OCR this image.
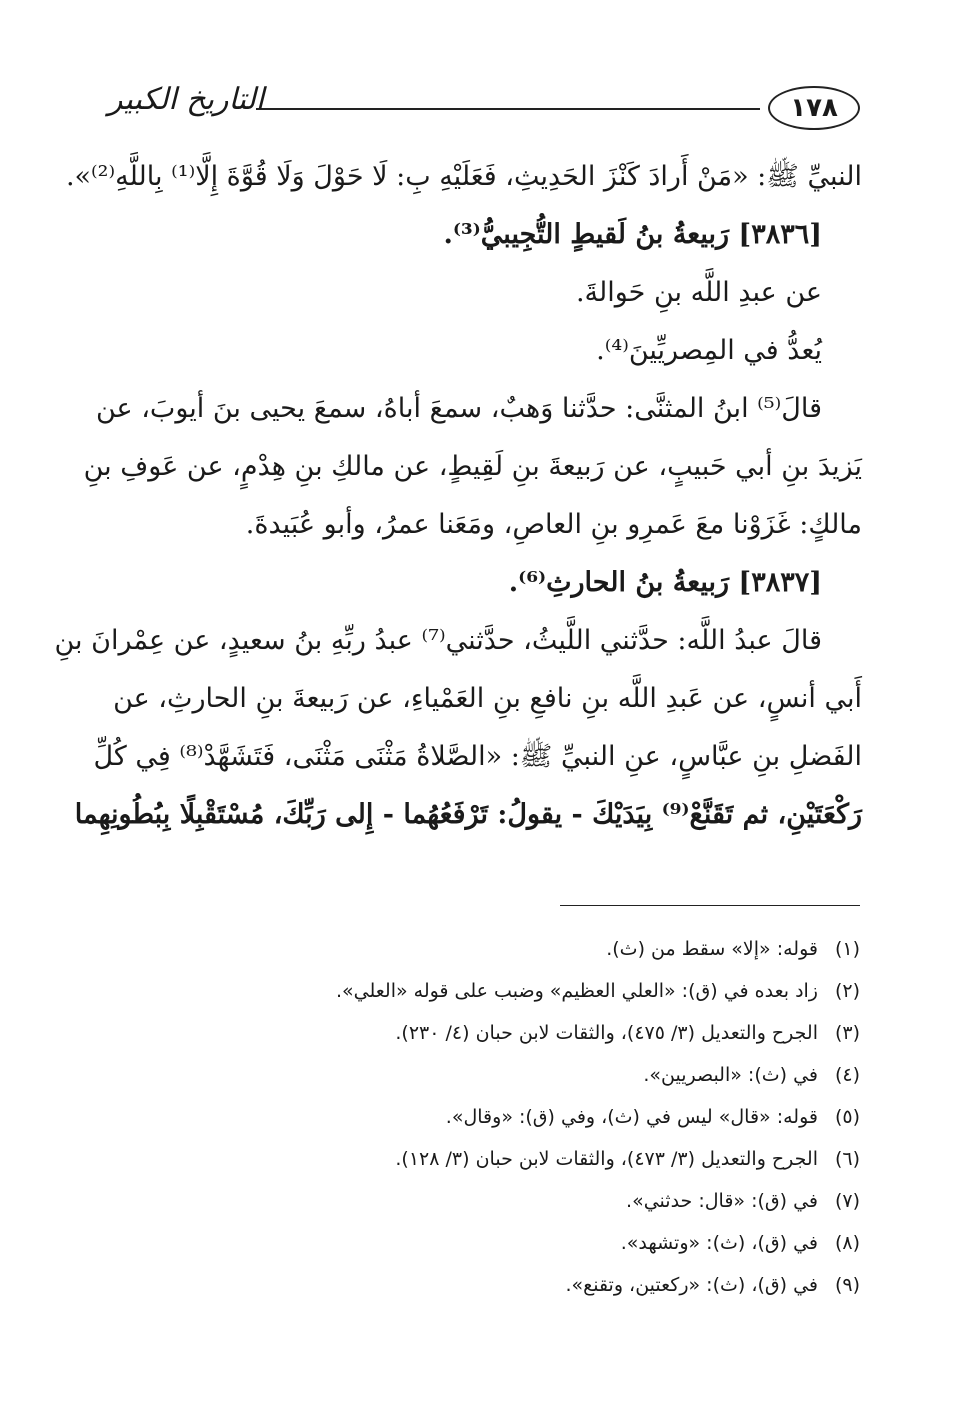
١٧٨
التاريخ الكبير
النبيِّ ﷺ: «مَنْ أَرادَ كَنْزَ الحَدِيثِ، فَعَلَيْهِ بِ: لَا حَوْلَ وَلَا قُوَّةَ إِلَّا⁽¹⁾ بِاللَّهِ⁽²⁾».
[٣٨٣٦] رَبيعةُ بنُ لَقيطٍ التُّجِيبيُّ⁽³⁾.
عن عبدِ اللَّه بنِ حَوالةَ.
يُعدُّ في المِصريِّينَ⁽⁴⁾.
قالَ⁽⁵⁾ ابنُ المثنَّى: حدَّثنا وَهبٌ، سمعَ أباهُ، سمعَ يحيى بنَ أيوبَ، عن
يَزيدَ بنِ أبي حَبيبٍ، عن رَبيعةَ بنِ لَقِيطٍ، عن مالكِ بنِ هِدْمٍ، عن عَوفِ بنِ
مالكٍ: غَزَوْنا معَ عَمرِو بنِ العاصِ، ومَعَنا عمرُ، وأبو عُبَيدةَ.
[٣٨٣٧] رَبيعةُ بنُ الحارثِ⁽⁶⁾.
قالَ عبدُ اللَّه: حدَّثني اللَّيثُ، حدَّثني⁽⁷⁾ عبدُ ربِّهِ بنُ سعيدٍ، عن عِمْرانَ بنِ
أَبي أنسٍ، عن عَبدِ اللَّه بنِ نافعِ بنِ العَمْياءِ، عن رَبيعةَ بنِ الحارثِ، عن
الفَضلِ بنِ عبَّاسٍ، عنِ النبيِّ ﷺ: «الصَّلاةُ مَثْنَى مَثْنَى، فَتَشَهَّدْ⁽⁸⁾ فِي كُلِّ
رَكْعَتَيْنِ، ثم تَقَنَّعْ⁽⁹⁾ بِيَدَيْكَ - يقولُ: تَرْفَعُهُما - إِلى رَبِّكَ، مُسْتَقْبِلًا بِبُطُونِهِما
(١)
قوله: «إلا» سقط من (ث).
(٢)
زاد بعده في (ق): «العلي العظيم» وضبب على قوله «العلي».
(٣)
الجرح والتعديل (٣/ ٤٧٥)، والثقات لابن حبان (٤/ ٢٣٠).
(٤)
في (ث): «البصريين».
(٥)
قوله: «قال» ليس في (ث)، وفي (ق): «وقال».
(٦)
الجرح والتعديل (٣/ ٤٧٣)، والثقات لابن حبان (٣/ ١٢٨).
(٧)
في (ق): «قال: حدثني».
(٨)
في (ق)، (ث): «وتشهد».
(٩)
في (ق)، (ث): «ركعتين، وتقنع».
